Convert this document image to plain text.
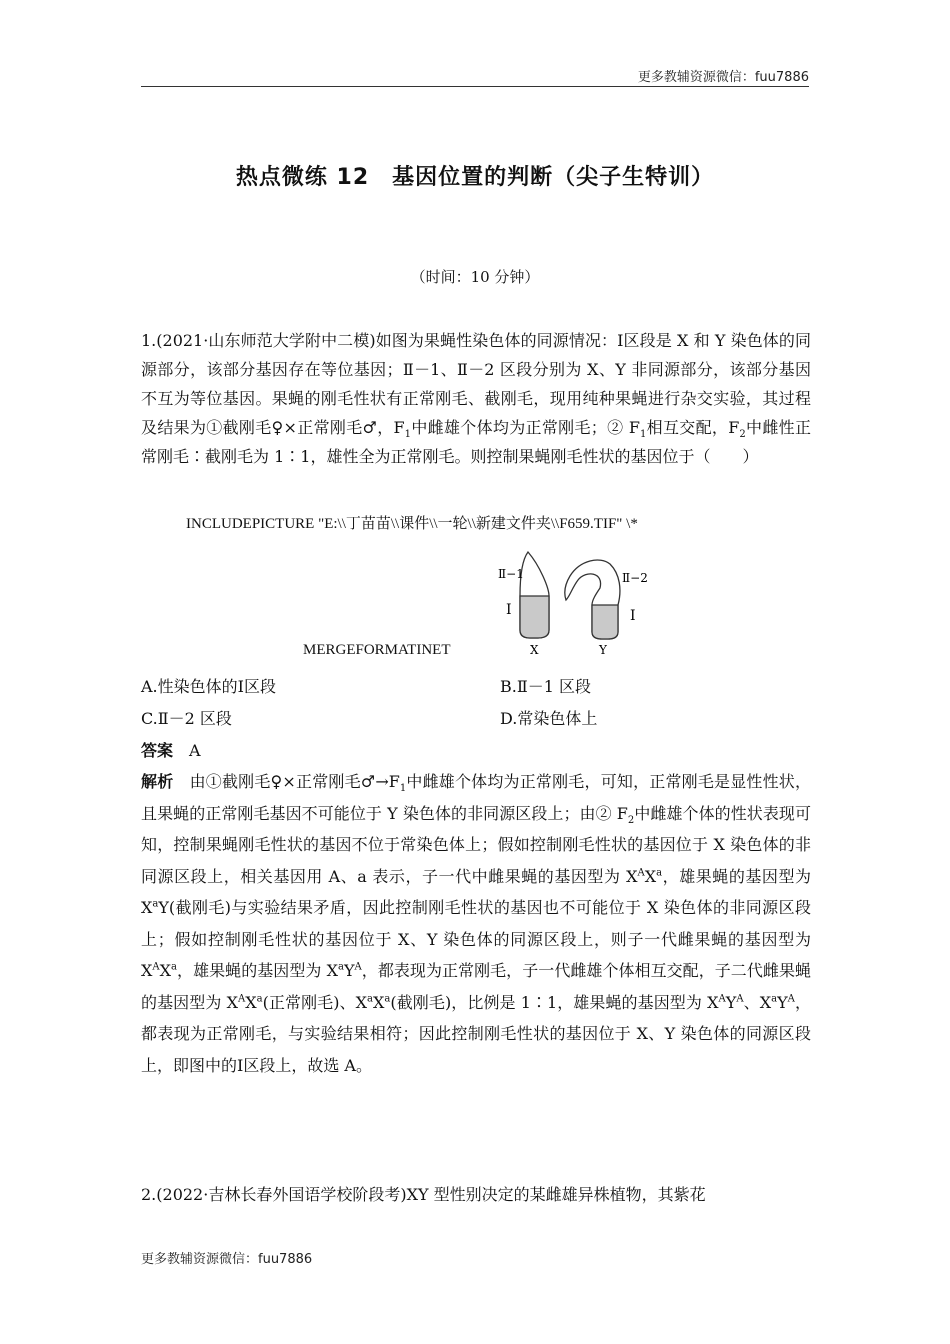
更多教辅资源微信：fuu7886
热点微练 12　基因位置的判断（尖子生特训）
（时间：10 分钟）
1.(2021·山东师范大学附中二模)如图为果蝇性染色体的同源情况：Ⅰ区段是 X 和 Y 染色体的同源部分，该部分基因存在等位基因；Ⅱ－1、Ⅱ－2 区段分别为 X、Y 非同源部分，该部分基因不互为等位基因。果蝇的刚毛性状有正常刚毛、截刚毛，现用纯种果蝇进行杂交实验，其过程及结果为①截刚毛♀×正常刚毛♂，$F_1$中雌雄个体均为正常刚毛；② $F_1$相互交配，$F_2$中雌性正常刚毛∶截刚毛为 1∶1，雄性全为正常刚毛。则控制果蝇刚毛性状的基因位于（　　）
INCLUDEPICTURE "E:\\丁苗苗\\课件\\一轮\\新建文件夹\\F659.TIF" \*
Ⅱ−1
Ⅰ
Ⅱ−2
Ⅰ
X	Y
MERGEFORMATINET
A.性染色体的Ⅰ区段	B.Ⅱ－1 区段
C.Ⅱ－2 区段	D.常染色体上
答案　 A
解析　 由①截刚毛♀×正常刚毛$♂\to F_1$中雌雄个体均为正常刚毛，可知，正常刚毛是显性性状，且果蝇的正常刚毛基因不可能位于 Y 染色体的非同源区段上；由② $F_2$中雌雄个体的性状表现可知，控制果蝇刚毛性状的基因不位于常染色体上；假如控制刚毛性状的基因位于 X 染色体的非同源区段上，相关基因用 A、a 表示，子一代中雌果蝇的基因型为 $X^AX^a$，雄果蝇的基因型为 $X^aY$(截刚毛)与实验结果矛盾，因此控制刚毛性状的基因也不可能位于 X 染色体的非同源区段上；假如控制刚毛性状的基因位于 X、Y 染色体的同源区段上，则子一代雌果蝇的基因型为 $X^AX^a$，雄果蝇的基因型为 $X^aY^A$，都表现为正常刚毛，子一代雌雄个体相互交配，子二代雌果蝇的基因型为 $X^AX^a$(正常刚毛)、$X^aX^a$(截刚毛)，比例是 1∶1，雄果蝇的基因型为 $X^AY^A$、$X^aY^A$，都表现为正常刚毛，与实验结果相符；因此控制刚毛性状的基因位于 X、Y 染色体的同源区段上，即图中的Ⅰ区段上，故选 A。
2.(2022·吉林长春外国语学校阶段考)XY 型性别决定的某雌雄异株植物，其紫花
更多教辅资源微信：fuu7886
